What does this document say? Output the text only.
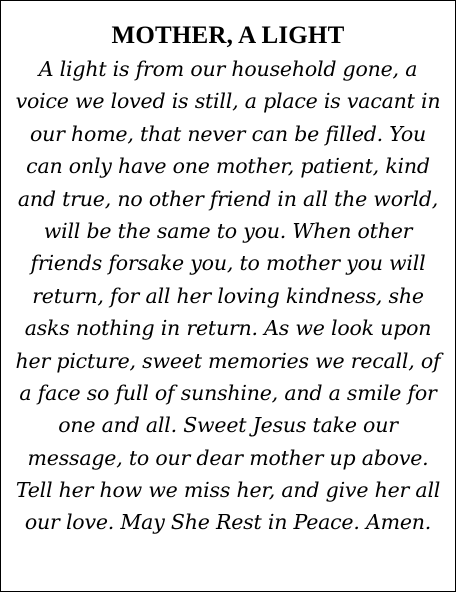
MOTHER, A LIGHT
A light is from our household gone, a
voice we loved is still, a place is vacant in
our home, that never can be filled. You
can only have one mother, patient, kind
and true, no other friend in all the world,
will be the same to you. When other
friends forsake you, to mother you will
return, for all her loving kindness, she
asks nothing in return. As we look upon
her picture, sweet memories we recall, of
a face so full of sunshine, and a smile for
one and all. Sweet Jesus take our
message, to our dear mother up above.
Tell her how we miss her, and give her all
our love. May She Rest in Peace. Amen.
